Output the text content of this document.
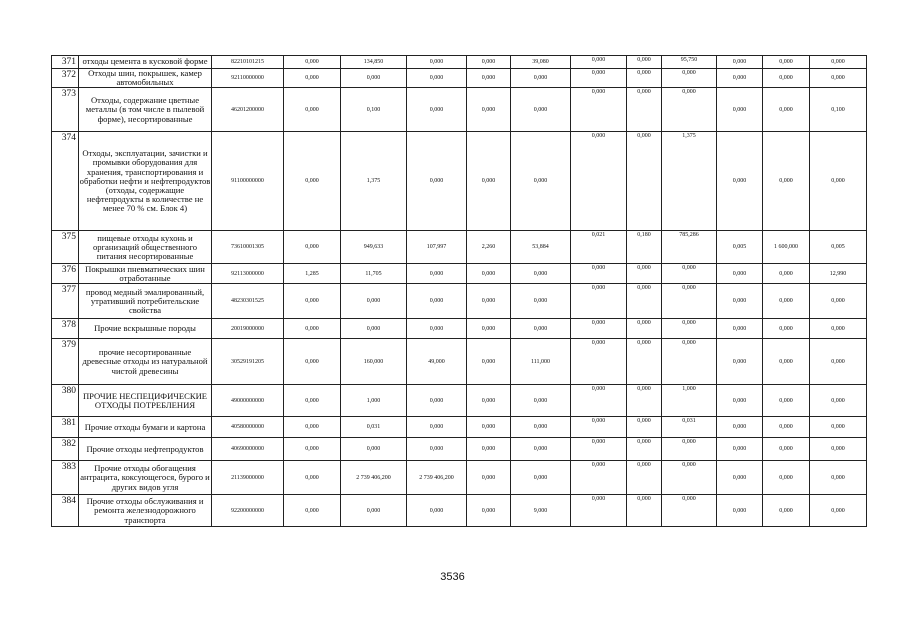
371	отходы цемента в кусковой форме	82210101215	0,000	134,850	0,000	0,000	39,080	0,000	0,000	95,750	0,000	0,000	0,000
372	Отходы шин, покрышек, камер автомобильных	92110000000	0,000	0,000	0,000	0,000	0,000	0,000	0,000	0,000	0,000	0,000	0,000
373	Отходы, содержание цветные металлы (в том числе в пылевой форме), несортированные	46201200000	0,000	0,100	0,000	0,000	0,000	0,000	0,000	0,000	0,000	0,000	0,100
374	Отходы, эксплуатации, зачистки и промывки оборудования для хранения, транспортирования и обработки нефти и нефтепродуктов (отходы, содержащие нефтепродукты в количестве не менее 70 % см. Блок 4)	91100000000	0,000	1,375	0,000	0,000	0,000	0,000	0,000	1,375	0,000	0,000	0,000
375	пищевые отходы кухонь и организаций общественного питания несортированные	73610001305	0,000	949,633	107,997	2,260	53,884	0,021	0,180	785,286	0,005	1 600,000	0,005
376	Покрышки пневматических шин отработанные	92113000000	1,285	11,705	0,000	0,000	0,000	0,000	0,000	0,000	0,000	0,000	12,990
377	провод медный эмалированный, утративший потребительские свойства	48230301525	0,000	0,000	0,000	0,000	0,000	0,000	0,000	0,000	0,000	0,000	0,000
378	Прочие вскрышные породы	20019000000	0,000	0,000	0,000	0,000	0,000	0,000	0,000	0,000	0,000	0,000	0,000
379	прочие несортированные древесные отходы из натуральной чистой древесины	30529191205	0,000	160,000	49,000	0,000	111,000	0,000	0,000	0,000	0,000	0,000	0,000
380	ПРОЧИЕ НЕСПЕЦИФИЧЕСКИЕ ОТХОДЫ ПОТРЕБЛЕНИЯ	49000000000	0,000	1,000	0,000	0,000	0,000	0,000	0,000	1,000	0,000	0,000	0,000
381	Прочие отходы бумаги и картона	40580000000	0,000	0,031	0,000	0,000	0,000	0,000	0,000	0,031	0,000	0,000	0,000
382	Прочие отходы нефтепродуктов	40690000000	0,000	0,000	0,000	0,000	0,000	0,000	0,000	0,000	0,000	0,000	0,000
383	Прочие отходы обогащения антрацита, коксующегося, бурого и других видов угля	21139000000	0,000	2 739 406,200	2 739 406,200	0,000	0,000	0,000	0,000	0,000	0,000	0,000	0,000
384	Прочие отходы обслуживания и ремонта железнодорожного транспорта	92200000000	0,000	0,000	0,000	0,000	9,000	0,000	0,000	0,000	0,000	0,000	0,000
3536
